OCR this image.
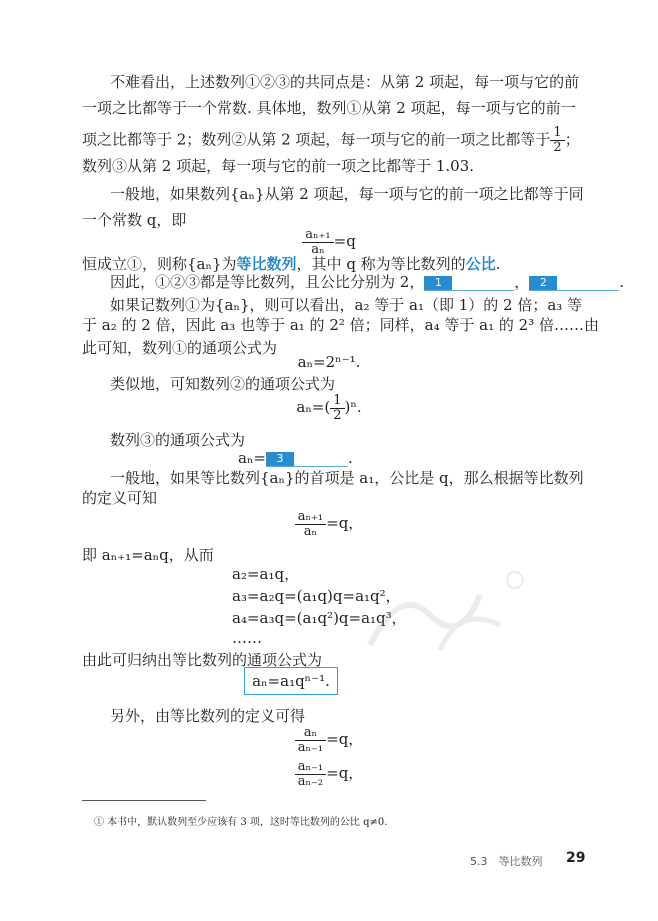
不难看出，上述数列①②③的共同点是：从第 2 项起，每一项与它的前
一项之比都等于一个常数. 具体地，数列①从第 2 项起，每一项与它的前一
项之比都等于 2；数列②从第 2 项起，每一项与它的前一项之比都等于 $\frac{1}{2}$ ；
数列③从第 2 项起，每一项与它的前一项之比都等于 1.03.
一般地，如果数列{aₙ}从第 2 项起，每一项与它的前一项之比都等于同
一个常数 q，即
$\frac{\text{aₙ₊₁}}{\text{aₙ}} =q$
恒成立①，则称{aₙ}为等比数列，其中 q 称为等比数列的公比.
因此，①②③都是等比数列，且公比分别为 2， 1	， 2	.
如果记数列①为{aₙ}，则可以看出，a₂ 等于 a₁（即 1）的 2 倍；a₃ 等
于 a₂ 的 2 倍，因此 a₃ 也等于 a₁ 的 2² 倍；同样，a₄ 等于 a₁ 的 2³ 倍……由
此可知，数列①的通项公式为
aₙ=2ⁿ⁻¹.
类似地，可知数列②的通项公式为
$a_n=( \frac{1}{2} )^n$.
数列③的通项公式为
aₙ= 3	.
一般地，如果等比数列{aₙ}的首项是 a₁，公比是 q，那么根据等比数列
的定义可知
$\frac{\text{aₙ₊₁}}{\text{aₙ}} =q$，
即 aₙ₊₁=aₙq，从而
a₂=a₁q，
a₃=a₂q=(a₁q)q=a₁q²，
a₄=a₃q=(a₁q²)q=a₁q³，
……
由此可归纳出等比数列的通项公式为
aₙ=a₁qⁿ⁻¹.
另外，由等比数列的定义可得
$\frac{\text{aₙ}}{\text{aₙ₋₁}} =q$，
$\frac{\text{aₙ₋₁}}{\text{aₙ₋₂}} =q$，
① 本书中，默认数列至少应该有 3 项，这时等比数列的公比 q≠0.
5.3　等比数列 29
